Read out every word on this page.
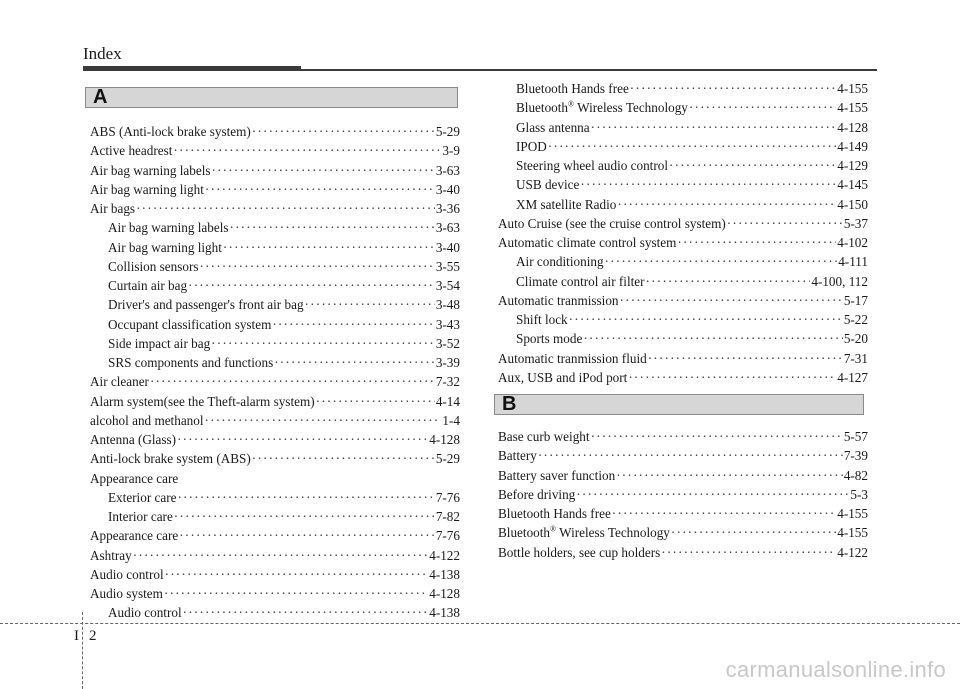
Index
A
ABS (Anti-lock brake system) ·····	5-29
Active headrest ·····	3-9
Air bag warning labels ·····	3-63
Air bag warning light ·····	3-40
Air bags ·····	3-36
Air bag warning labels ·····	3-63
Air bag warning light ·····	3-40
Collision sensors ·····	3-55
Curtain air bag ·····	3-54
Driver's and passenger's front air bag ·····	3-48
Occupant classification system ·····	3-43
Side impact air bag ·····	3-52
SRS components and functions ·····	3-39
Air cleaner ·····	7-32
Alarm system(see the Theft-alarm system) ·····	4-14
alcohol and methanol ·····	1-4
Antenna (Glass) ·····	4-128
Anti-lock brake system (ABS) ·····	5-29
Appearance care
Exterior care ·····	7-76
Interior care ·····	7-82
Appearance care ·····	7-76
Ashtray ·····	4-122
Audio control ·····	4-138
Audio system ·····	4-128
Audio control ·····	4-138
Bluetooth Hands free ·····	4-155
Bluetooth® Wireless Technology ·····	4-155
Glass antenna ·····	4-128
IPOD ·····	4-149
Steering wheel audio control ·····	4-129
USB device ·····	4-145
XM satellite Radio ·····	4-150
Auto Cruise (see the cruise control system) ·····	5-37
Automatic climate control system ·····	4-102
Air conditioning ·····	4-111
Climate control air filter ·····	4-100, 112
Automatic tranmission ·····	5-17
Shift lock ·····	5-22
Sports mode ·····	5-20
Automatic tranmission fluid ·····	7-31
Aux, USB and iPod port ·····	4-127
B
Base curb weight ·····	5-57
Battery ·····	7-39
Battery saver function ·····	4-82
Before driving ·····	5-3
Bluetooth Hands free ·····	4-155
Bluetooth® Wireless Technology ·····	4-155
Bottle holders, see cup holders ·····	4-122
I 2
carmanualsonline.info
